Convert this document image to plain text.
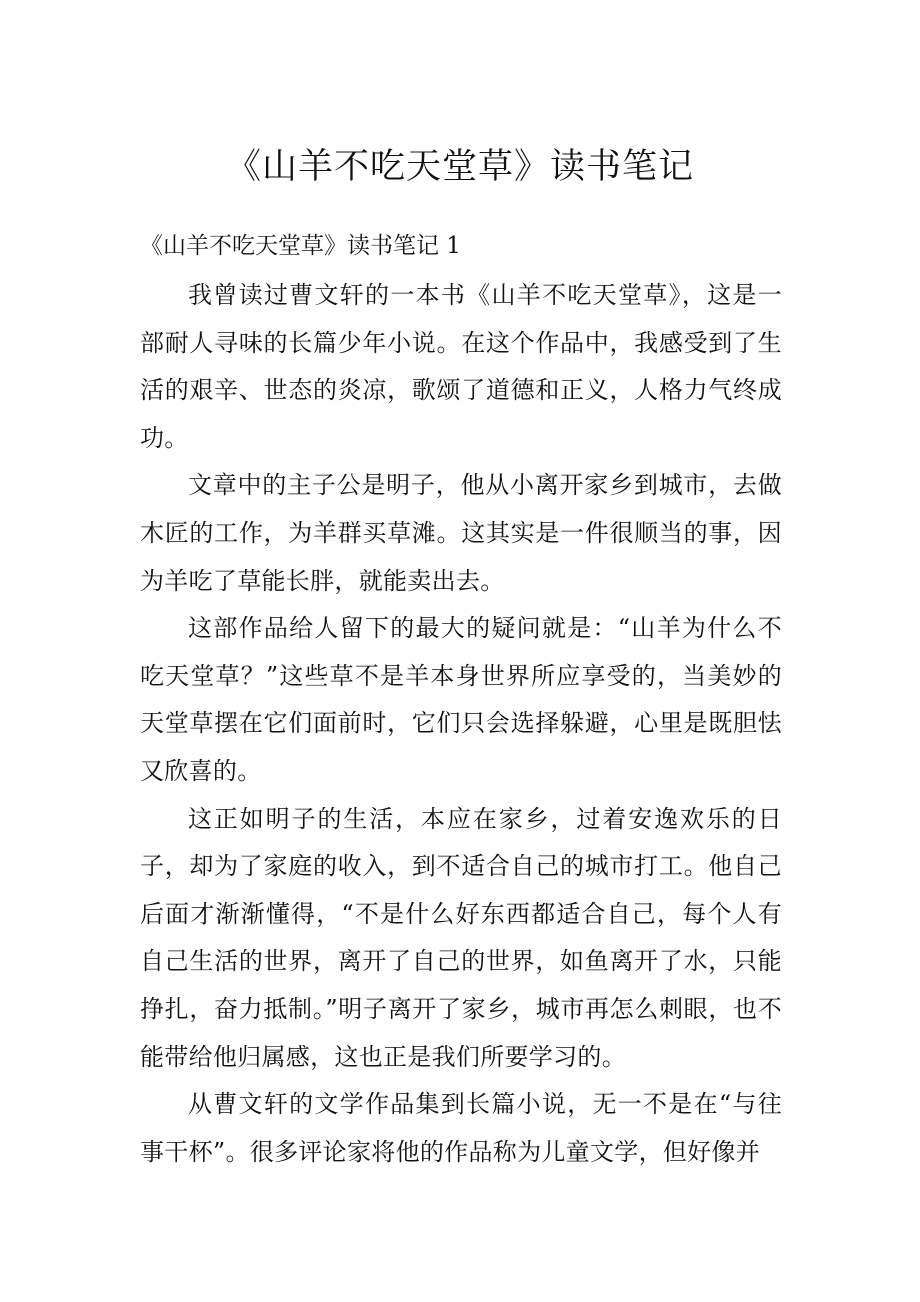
《山羊不吃天堂草》读书笔记
《山羊不吃天堂草》读书笔记 1

我曾读过曹文轩的一本书《山羊不吃天堂草》，这是一部耐人寻味的长篇少年小说。在这个作品中，我感受到了生活的艰辛、世态的炎凉，歌颂了道德和正义，人格力气终成功。

文章中的主子公是明子，他从小离开家乡到城市，去做木匠的工作，为羊群买草滩。这其实是一件很顺当的事，因为羊吃了草能长胖，就能卖出去。

这部作品给人留下的最大的疑问就是：“山羊为什么不吃天堂草？”这些草不是羊本身世界所应享受的，当美妙的天堂草摆在它们面前时，它们只会选择躲避，心里是既胆怯又欣喜的。

这正如明子的生活，本应在家乡，过着安逸欢乐的日子，却为了家庭的收入，到不适合自己的城市打工。他自己后面才渐渐懂得，“不是什么好东西都适合自己，每个人有自己生活的世界，离开了自己的世界，如鱼离开了水，只能挣扎，奋力抵制。”明子离开了家乡，城市再怎么刺眼，也不能带给他归属感，这也正是我们所要学习的。

从曹文轩的文学作品集到长篇小说，无一不是在“与往事干杯”。很多评论家将他的作品称为儿童文学，但好像并
